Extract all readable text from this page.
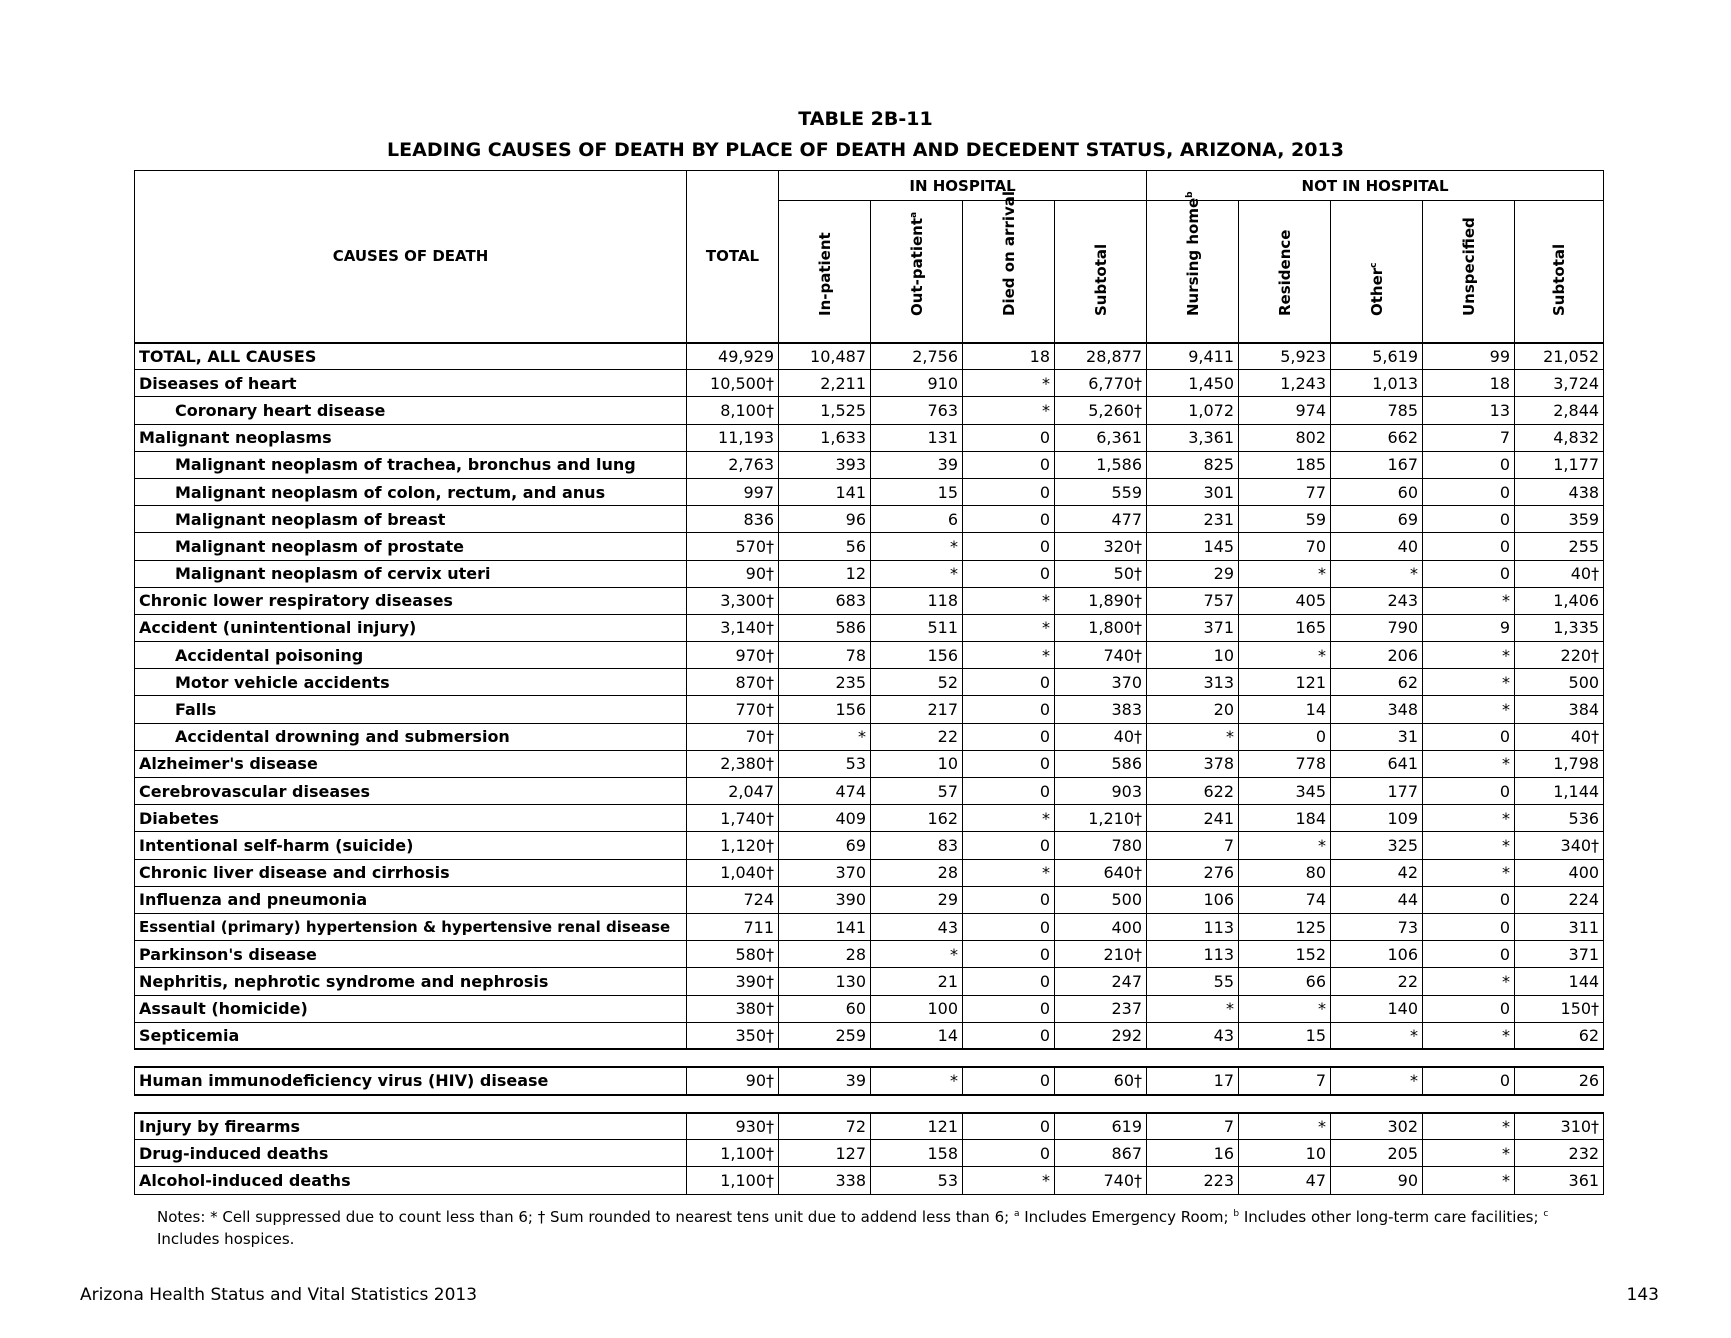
TABLE 2B-11
LEADING CAUSES OF DEATH BY PLACE OF DEATH AND DECEDENT STATUS, ARIZONA, 2013
CAUSES OF DEATH	TOTAL	IN HOSPITAL				NOT IN HOSPITAL				

		In-patient	Out-patient$^a$	Died on arrival	Subtotal	Nursing home$^b$	Residence	Other$^c$	Unspecified	Subtotal

TOTAL, ALL CAUSES	49,929	10,487	2,756	18	28,877	9,411	5,923	5,619	99	21,052
Diseases of heart	10,500†	2,211	910	*	6,770†	1,450	1,243	1,013	18	3,724
Coronary heart disease	8,100†	1,525	763	*	5,260†	1,072	974	785	13	2,844
Malignant neoplasms	11,193	1,633	131	0	6,361	3,361	802	662	7	4,832
Malignant neoplasm of trachea, bronchus and lung	2,763	393	39	0	1,586	825	185	167	0	1,177
Malignant neoplasm of colon, rectum, and anus	997	141	15	0	559	301	77	60	0	438
Malignant neoplasm of breast	836	96	6	0	477	231	59	69	0	359
Malignant neoplasm of prostate	570†	56	*	0	320†	145	70	40	0	255
Malignant neoplasm of cervix uteri	90†	12	*	0	50†	29	*	*	0	40†
Chronic lower respiratory diseases	3,300†	683	118	*	1,890†	757	405	243	*	1,406
Accident (unintentional injury)	3,140†	586	511	*	1,800†	371	165	790	9	1,335
Accidental poisoning	970†	78	156	*	740†	10	*	206	*	220†
Motor vehicle accidents	870†	235	52	0	370	313	121	62	*	500
Falls	770†	156	217	0	383	20	14	348	*	384
Accidental drowning and submersion	70†	*	22	0	40†	*	0	31	0	40†
Alzheimer's disease	2,380†	53	10	0	586	378	778	641	*	1,798
Cerebrovascular diseases	2,047	474	57	0	903	622	345	177	0	1,144
Diabetes	1,740†	409	162	*	1,210†	241	184	109	*	536
Intentional self-harm (suicide)	1,120†	69	83	0	780	7	*	325	*	340†
Chronic liver disease and cirrhosis	1,040†	370	28	*	640†	276	80	42	*	400
Influenza and pneumonia	724	390	29	0	500	106	74	44	0	224
Essential (primary) hypertension & hypertensive renal disease	711	141	43	0	400	113	125	73	0	311
Parkinson's disease	580†	28	*	0	210†	113	152	106	0	371
Nephritis, nephrotic syndrome and nephrosis	390†	130	21	0	247	55	66	22	*	144
Assault (homicide)	380†	60	100	0	237	*	*	140	0	150†
Septicemia	350†	259	14	0	292	43	15	*	*	62

Human immunodeficiency virus (HIV) disease	90†	39	*	0	60†	17	7	*	0	26

Injury by firearms	930†	72	121	0	619	7	*	302	*	310†
Drug-induced deaths	1,100†	127	158	0	867	16	10	205	*	232
Alcohol-induced deaths	1,100†	338	53	*	740†	223	47	90	*	361
Notes: * Cell suppressed due to count less than 6; † Sum rounded to nearest tens unit due to addend less than 6; $^a$ Includes Emergency Room; $^b$ Includes other long-term care facilities; $^c$ Includes hospices.
Arizona Health Status and Vital Statistics 2013	143
